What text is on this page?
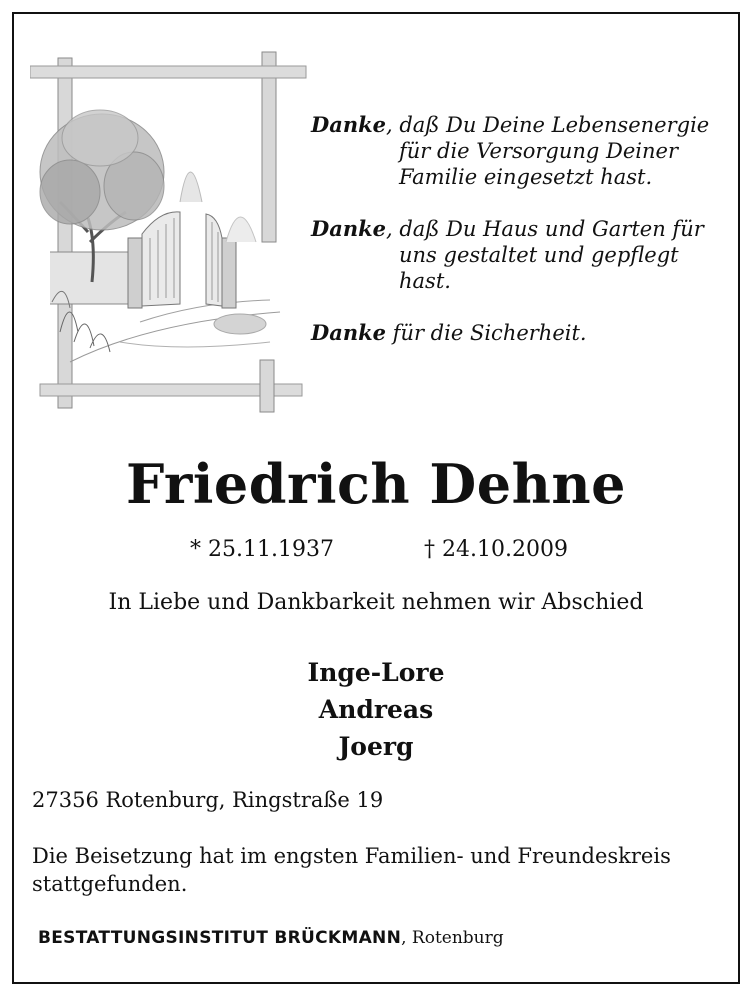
Danke, daß Du Deine Lebensenergie
für die Versorgung Deiner
Familie eingesetzt hast.
Danke, daß Du Haus und Garten für
uns gestaltet und gepflegt
hast.
Danke für die Sicherheit.
Friedrich Dehne
* 25.11.1937	† 24.10.2009
In Liebe und Dankbarkeit nehmen wir Abschied
Inge-Lore
Andreas
Joerg
27356 Rotenburg, Ringstraße 19
Die Beisetzung hat im engsten Familien- und Freundeskreis stattgefunden.
BESTATTUNGSINSTITUT BRÜCKMANN, Rotenburg
